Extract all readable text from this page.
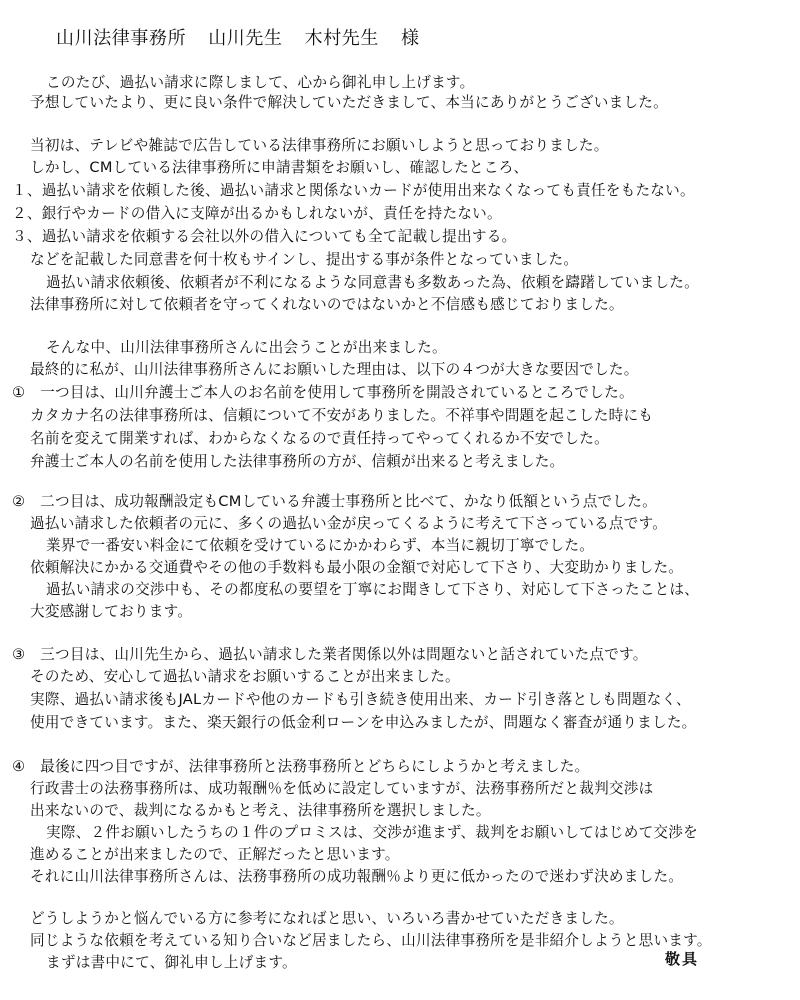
山川法律事務所 山川先生 木村先生 様
このたび、過払い請求に際しまして、心から御礼申し上げます。
予想していたより、更に良い条件で解決していただきまして、本当にありがとうございました。
当初は、テレビや雑誌で広告している法律事務所にお願いしようと思っておりました。
しかし、CMしている法律事務所に申請書類をお願いし、確認したところ、
１、過払い請求を依頼した後、過払い請求と関係ないカードが使用出来なくなっても責任をもたない。
２、銀行やカードの借入に支障が出るかもしれないが、責任を持たない。
３、過払い請求を依頼する会社以外の借入についても全て記載し提出する。
などを記載した同意書を何十枚もサインし、提出する事が条件となっていました。
過払い請求依頼後、依頼者が不利になるような同意書も多数あった為、依頼を躊躇していました。
法律事務所に対して依頼者を守ってくれないのではないかと不信感も感じておりました。
そんな中、山川法律事務所さんに出会うことが出来ました。
最終的に私が、山川法律事務所さんにお願いした理由は、以下の４つが大きな要因でした。
①　一つ目は、山川弁護士ご本人のお名前を使用して事務所を開設されているところでした。
カタカナ名の法律事務所は、信頼について不安がありました。不祥事や問題を起こした時にも
名前を変えて開業すれば、わからなくなるので責任持ってやってくれるか不安でした。
弁護士ご本人の名前を使用した法律事務所の方が、信頼が出来ると考えました。
②　二つ目は、成功報酬設定もCMしている弁護士事務所と比べて、かなり低額という点でした。
過払い請求した依頼者の元に、多くの過払い金が戻ってくるように考えて下さっている点です。
業界で一番安い料金にて依頼を受けているにかかわらず、本当に親切丁寧でした。
依頼解決にかかる交通費やその他の手数料も最小限の金額で対応して下さり、大変助かりました。
過払い請求の交渉中も、その都度私の要望を丁寧にお聞きして下さり、対応して下さったことは、
大変感謝しております。
③　三つ目は、山川先生から、過払い請求した業者関係以外は問題ないと話されていた点です。
そのため、安心して過払い請求をお願いすることが出来ました。
実際、過払い請求後もJALカードや他のカードも引き続き使用出来、カード引き落としも問題なく、
使用できています。また、楽天銀行の低金利ローンを申込みましたが、問題なく審査が通りました。
④　最後に四つ目ですが、法律事務所と法務事務所とどちらにしようかと考えました。
行政書士の法務事務所は、成功報酬％を低めに設定していますが、法務事務所だと裁判交渉は
出来ないので、裁判になるかもと考え、法律事務所を選択しました。
実際、２件お願いしたうちの１件のプロミスは、交渉が進まず、裁判をお願いしてはじめて交渉を
進めることが出来ましたので、正解だったと思います。
それに山川法律事務所さんは、法務事務所の成功報酬％より更に低かったので迷わず決めました。
どうしようかと悩んでいる方に参考になればと思い、いろいろ書かせていただきました。
同じような依頼を考えている知り合いなど居ましたら、山川法律事務所を是非紹介しようと思います。
まずは書中にて、御礼申し上げます。	敬具
